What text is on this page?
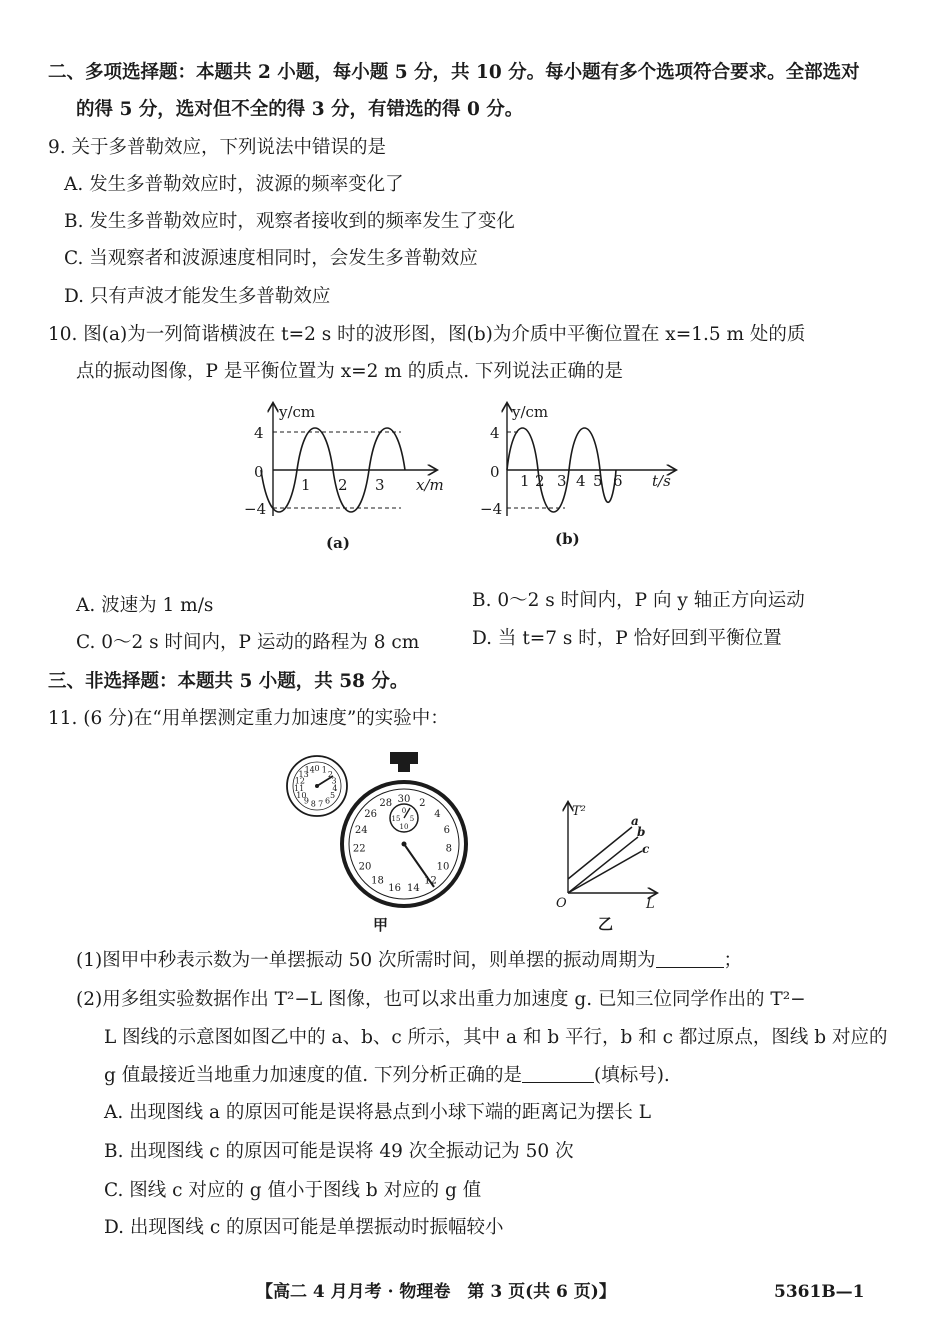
二、多项选择题：本题共 2 小题，每小题 5 分，共 10 分。每小题有多个选项符合要求。全部选对
的得 5 分，选对但不全的得 3 分，有错选的得 0 分。
9. 关于多普勒效应，下列说法中错误的是
A. 发生多普勒效应时，波源的频率变化了
B. 发生多普勒效应时，观察者接收到的频率发生了变化
C. 当观察者和波源速度相同时，会发生多普勒效应
D. 只有声波才能发生多普勒效应
10. 图(a)为一列简谐横波在 t=2 s 时的波形图，图(b)为介质中平衡位置在 x=1.5 m 处的质
点的振动图像，P 是平衡位置为 x=2 m 的质点. 下列说法正确的是
y/cm
4
0
−4
1 2 3 x/m
(a)
y/cm
4
0
−4
1 2 3 4 5 6 t/s
(b)
A. 波速为 1 m/s	B. 0～2 s 时间内，P 向 y 轴正方向运动
C. 0～2 s 时间内，P 运动的路程为 8 cm	D. 当 t=7 s 时，P 恰好回到平衡位置
三、非选择题：本题共 5 小题，共 58 分。
11. (6 分)在“用单摆测定重力加速度”的实验中：
0 1 2
3
4
5
6
7
8
9
10
11
12
13
14
30 2
4
6
8
10
12
14
16
18
20
22
24
26
28
0
5
10
15
甲
T²
a
b
c
O	L
乙
(1)图甲中秒表示数为一单摆振动 50 次所需时间，则单摆的振动周期为	；
(2)用多组实验数据作出 T²−L 图像，也可以求出重力加速度 g. 已知三位同学作出的 T²−
L 图线的示意图如图乙中的 a、b、c 所示，其中 a 和 b 平行，b 和 c 都过原点，图线 b 对应的
g 值最接近当地重力加速度的值. 下列分析正确的是	(填标号).
A. 出现图线 a 的原因可能是误将悬点到小球下端的距离记为摆长 L
B. 出现图线 c 的原因可能是误将 49 次全振动记为 50 次
C. 图线 c 对应的 g 值小于图线 b 对应的 g 值
D. 出现图线 c 的原因可能是单摆振动时振幅较小
【高二 4 月月考 · 物理卷　第 3 页(共 6 页)】	5361B—1
